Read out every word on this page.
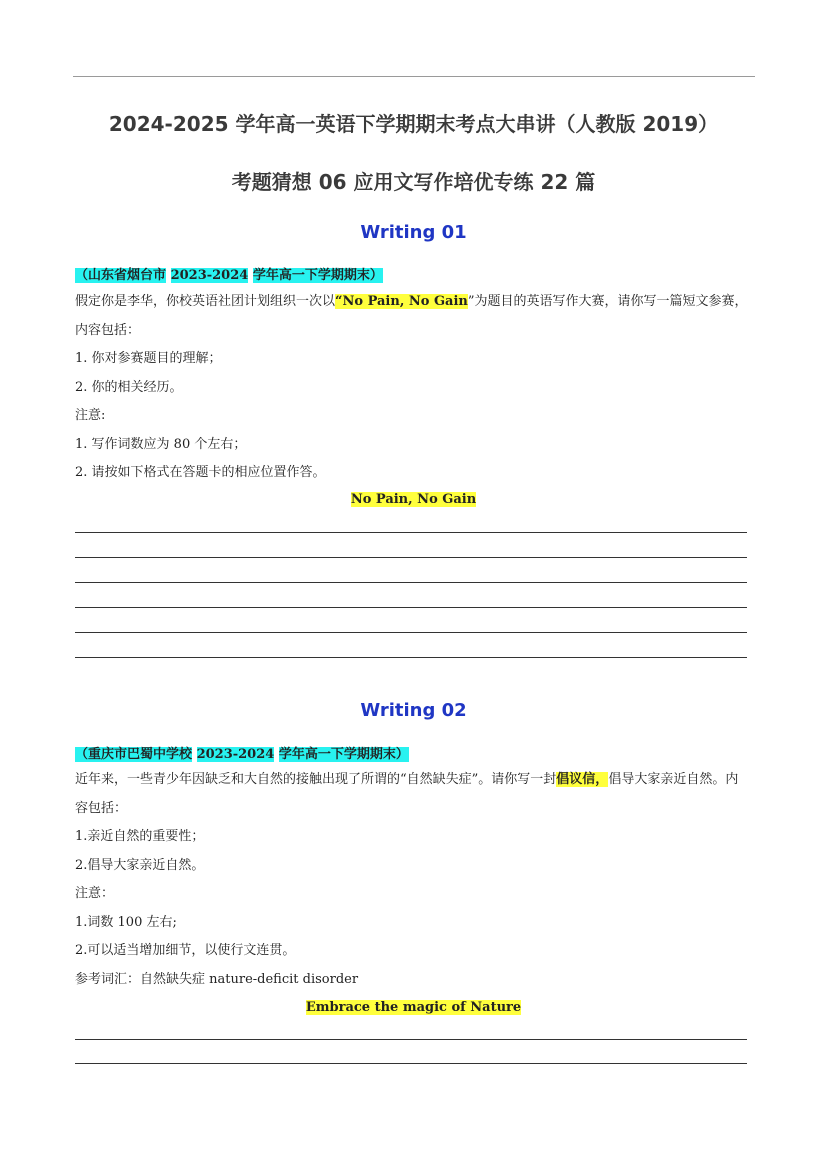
2024-2025 学年高一英语下学期期末考点大串讲（人教版 2019）
考题猜想 06 应用文写作培优专练 22 篇
Writing 01
（山东省烟台市 2023-2024 学年高一下学期期末）

假定你是李华，你校英语社团计划组织一次以“No Pain, No Gain”为题目的英语写作大赛，请你写一篇短文参赛，内容包括：

1. 你对参赛题目的理解；

2. 你的相关经历。

注意:

1. 写作词数应为 80 个左右；

2. 请按如下格式在答题卡的相应位置作答。

No Pain, No Gain
Writing 02
（重庆市巴蜀中学校 2023-2024 学年高一下学期期末）

近年来，一些青少年因缺乏和大自然的接触出现了所谓的“自然缺失症”。请你写一封倡议信，倡导大家亲近自然。内容包括：

1.亲近自然的重要性；

2.倡导大家亲近自然。

注意：

1.词数 100 左右;

2.可以适当增加细节，以使行文连贯。

参考词汇：自然缺失症 nature-deficit disorder

Embrace the magic of Nature
